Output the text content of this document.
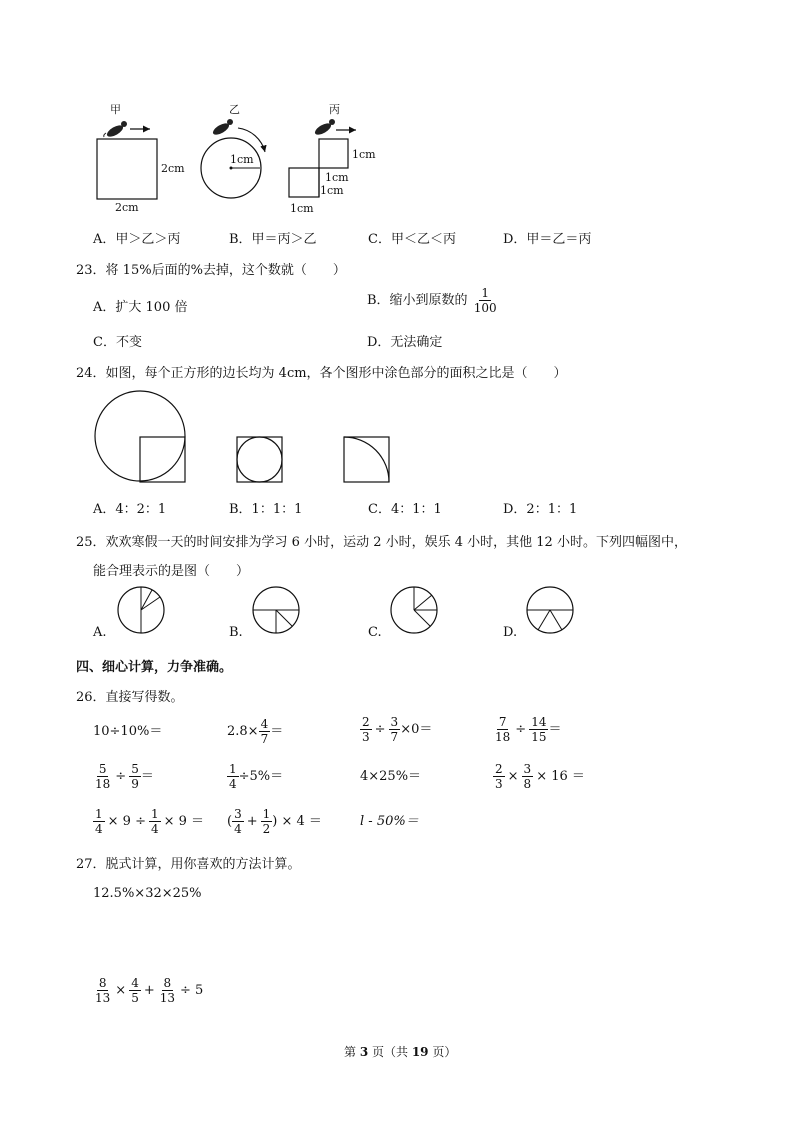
甲
2cm
2cm
乙
1cm
丙
1cm
1cm
1cm
1cm
A．甲＞乙＞丙	B．甲＝丙＞乙	C．甲＜乙＜丙	D．甲＝乙＝丙
23．将 15%后面的%去掉，这个数就（　　）
A．扩大 100 倍	B．缩小到原数的 $\frac{1}{100}$
C．不变	D．无法确定
24．如图，每个正方形的边长均为 4cm，各个图形中涂色部分的面积之比是（　　）
A．4：2：1	B．1：1：1	C．4：1：1	D．2：1：1
25．欢欢寒假一天的时间安排为学习 6 小时，运动 2 小时，娱乐 4 小时，其他 12 小时。下列四幅图中，
能合理表示的是图（　　）
A.	B.	C.	D.
四、细心计算，力争准确。
26．直接写得数。
10÷10%＝	$2.8\times \frac{4}{7}$ ＝	$\frac{2}{3} \div \frac{3}{7} \times 0=$	$\frac{7}{18} \div \frac{14}{15}$ ＝
$\frac{5}{18} \div \frac{5}{9}$ ＝	$\frac{1}{4} \div 5\%=$	4×25%＝	$\frac{2}{3} \times \frac{3}{8} \times 16$ ＝
$\frac{1}{4} \times 9 \div \frac{1}{4} \times 9$ ＝ ( $\frac{3}{4} + \frac{1}{2}$ ) × 4 ＝	l - 50%＝
27．脱式计算，用你喜欢的方法计算。
12.5%×32×25%
$\frac{8}{13} \times \frac{4}{5} + \frac{8}{13} \div 5$
第 3 页（共 19 页）
